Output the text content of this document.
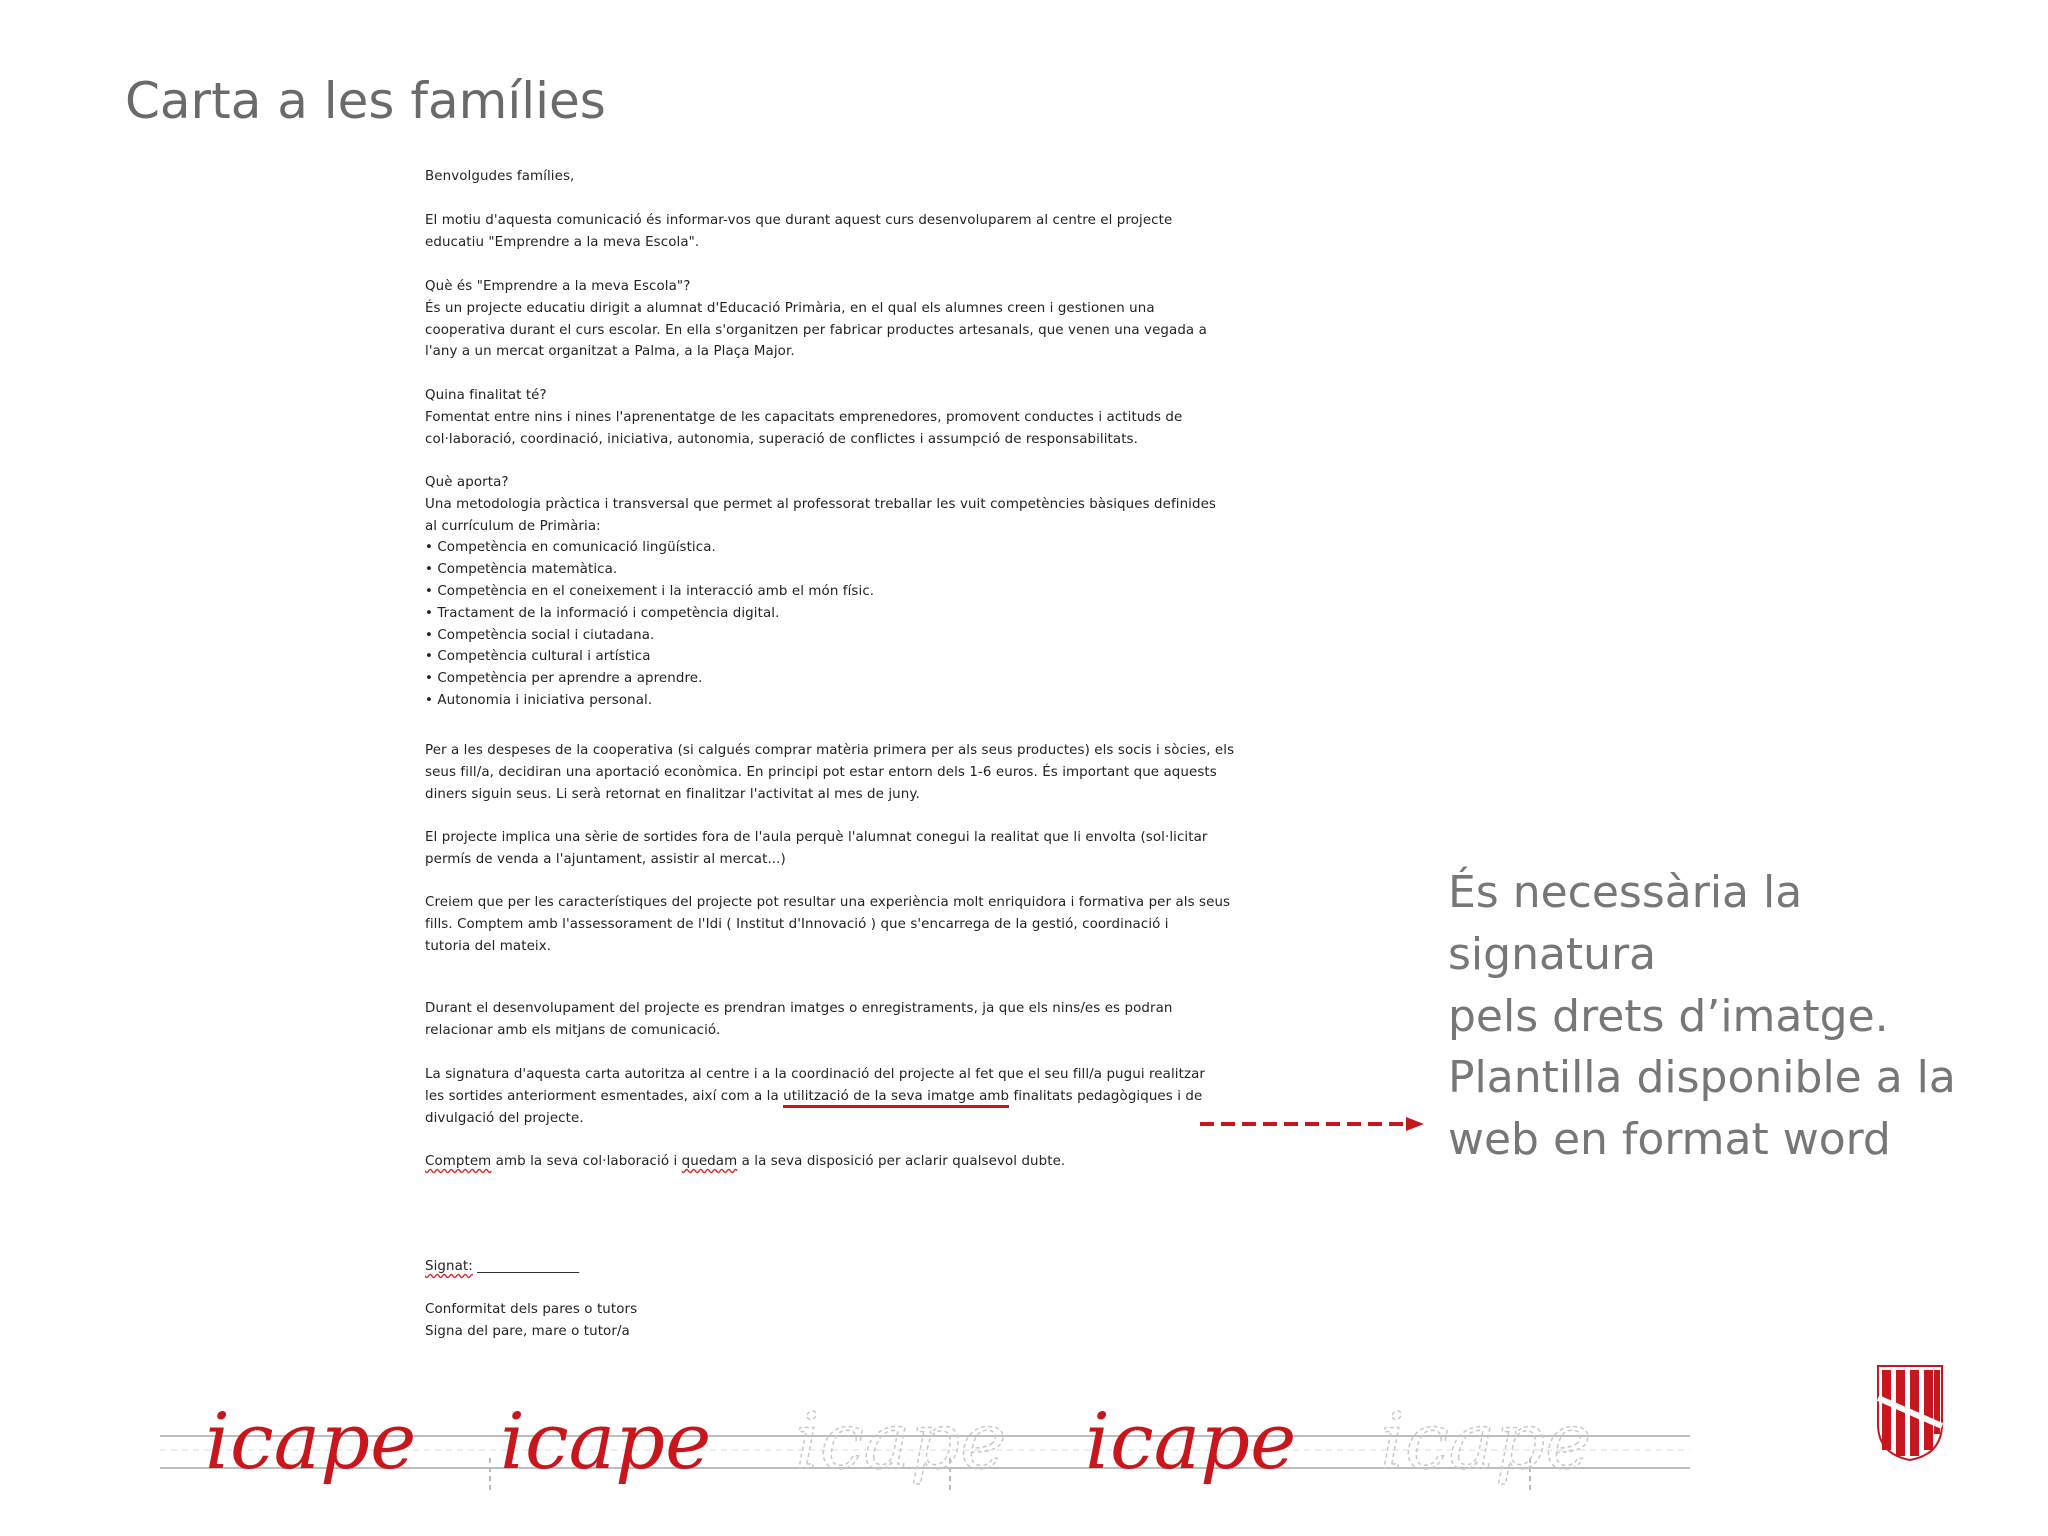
Carta a les famílies
Benvolgudes famílies,
El motiu d'aquesta comunicació és informar-vos que durant aquest curs desenvoluparem al centre el projecte
educatiu "Emprendre a la meva Escola".
Què és "Emprendre a la meva Escola"?
És un projecte educatiu dirigit a alumnat d'Educació Primària, en el qual els alumnes creen i gestionen una
cooperativa durant el curs escolar. En ella s'organitzen per fabricar productes artesanals, que venen una vegada a
l'any a un mercat organitzat a Palma, a la Plaça Major.
Quina finalitat té?
Fomentat entre nins i nines l'aprenentatge de les capacitats emprenedores, promovent conductes i actituds de
col·laboració, coordinació, iniciativa, autonomia, superació de conflictes i assumpció de responsabilitats.
Què aporta?
Una metodologia pràctica i transversal que permet al professorat treballar les vuit competències bàsiques definides
al currículum de Primària:
• Competència en comunicació lingüística.
• Competència matemàtica.
• Competència en el coneixement i la interacció amb el món físic.
• Tractament de la informació i competència digital.
• Competència social i ciutadana.
• Competència cultural i artística
• Competència per aprendre a aprendre.
• Autonomia i iniciativa personal.
Per a les despeses de la cooperativa (si calgués comprar matèria primera per als seus productes) els socis i sòcies, els
seus fill/a, decidiran una aportació econòmica. En principi pot estar entorn dels 1-6 euros. És important que aquests
diners siguin seus. Li serà retornat en finalitzar l'activitat al mes de juny.
El projecte implica una sèrie de sortides fora de l'aula perquè l'alumnat conegui la realitat que li envolta (sol·licitar
permís de venda a l'ajuntament, assistir al mercat...)
Creiem que per les característiques del projecte pot resultar una experiència molt enriquidora i formativa per als seus
fills. Comptem amb l'assessorament de l'Idi ( Institut d'Innovació ) que s'encarrega de la gestió, coordinació i
tutoria del mateix.
Durant el desenvolupament del projecte es prendran imatges o enregistraments, ja que els nins/es es podran
relacionar amb els mitjans de comunicació.
La signatura d'aquesta carta autoritza al centre i a la coordinació del projecte al fet que el seu fill/a pugui realitzar
les sortides anteriorment esmentades, així com a la utilització de la seva imatge amb finalitats pedagògiques i de
divulgació del projecte.
Comptem amb la seva col·laboració i quedam a la seva disposició per aclarir qualsevol dubte.
Signat: _______________
Conformitat dels pares o tutors
Signa del pare, mare o tutor/a
És necessària la signatura
pels drets d’imatge.
Plantilla disponible a la
web en format word
icape icape icape icape icape
